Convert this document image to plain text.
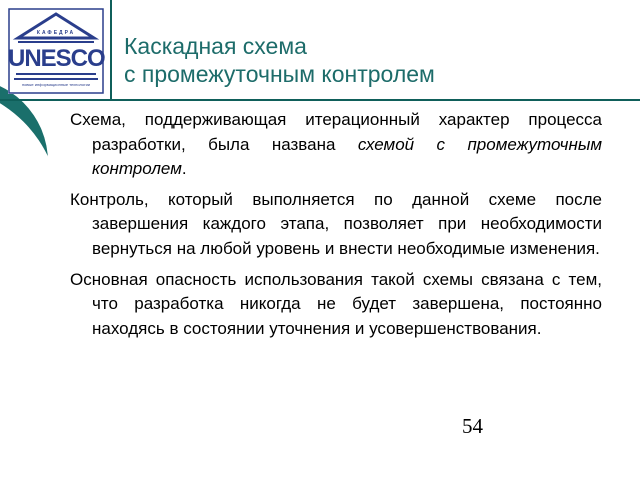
КАФЕДРА
UNESCO
новые информационные технологии
Каскадная схема
с промежуточным контролем

Схема, поддерживающая итерационный характер процесса разработки, была названа схемой с промежуточным контролем.

Контроль, который выполняется по данной схеме после завершения каждого этапа, позволяет при необходимости вернуться на любой уровень и внести необходимые изменения.

Основная опасность использования такой схемы связана с тем, что разработка никогда не будет завершена, постоянно находясь в состоянии уточнения и усовершенствования.

54
